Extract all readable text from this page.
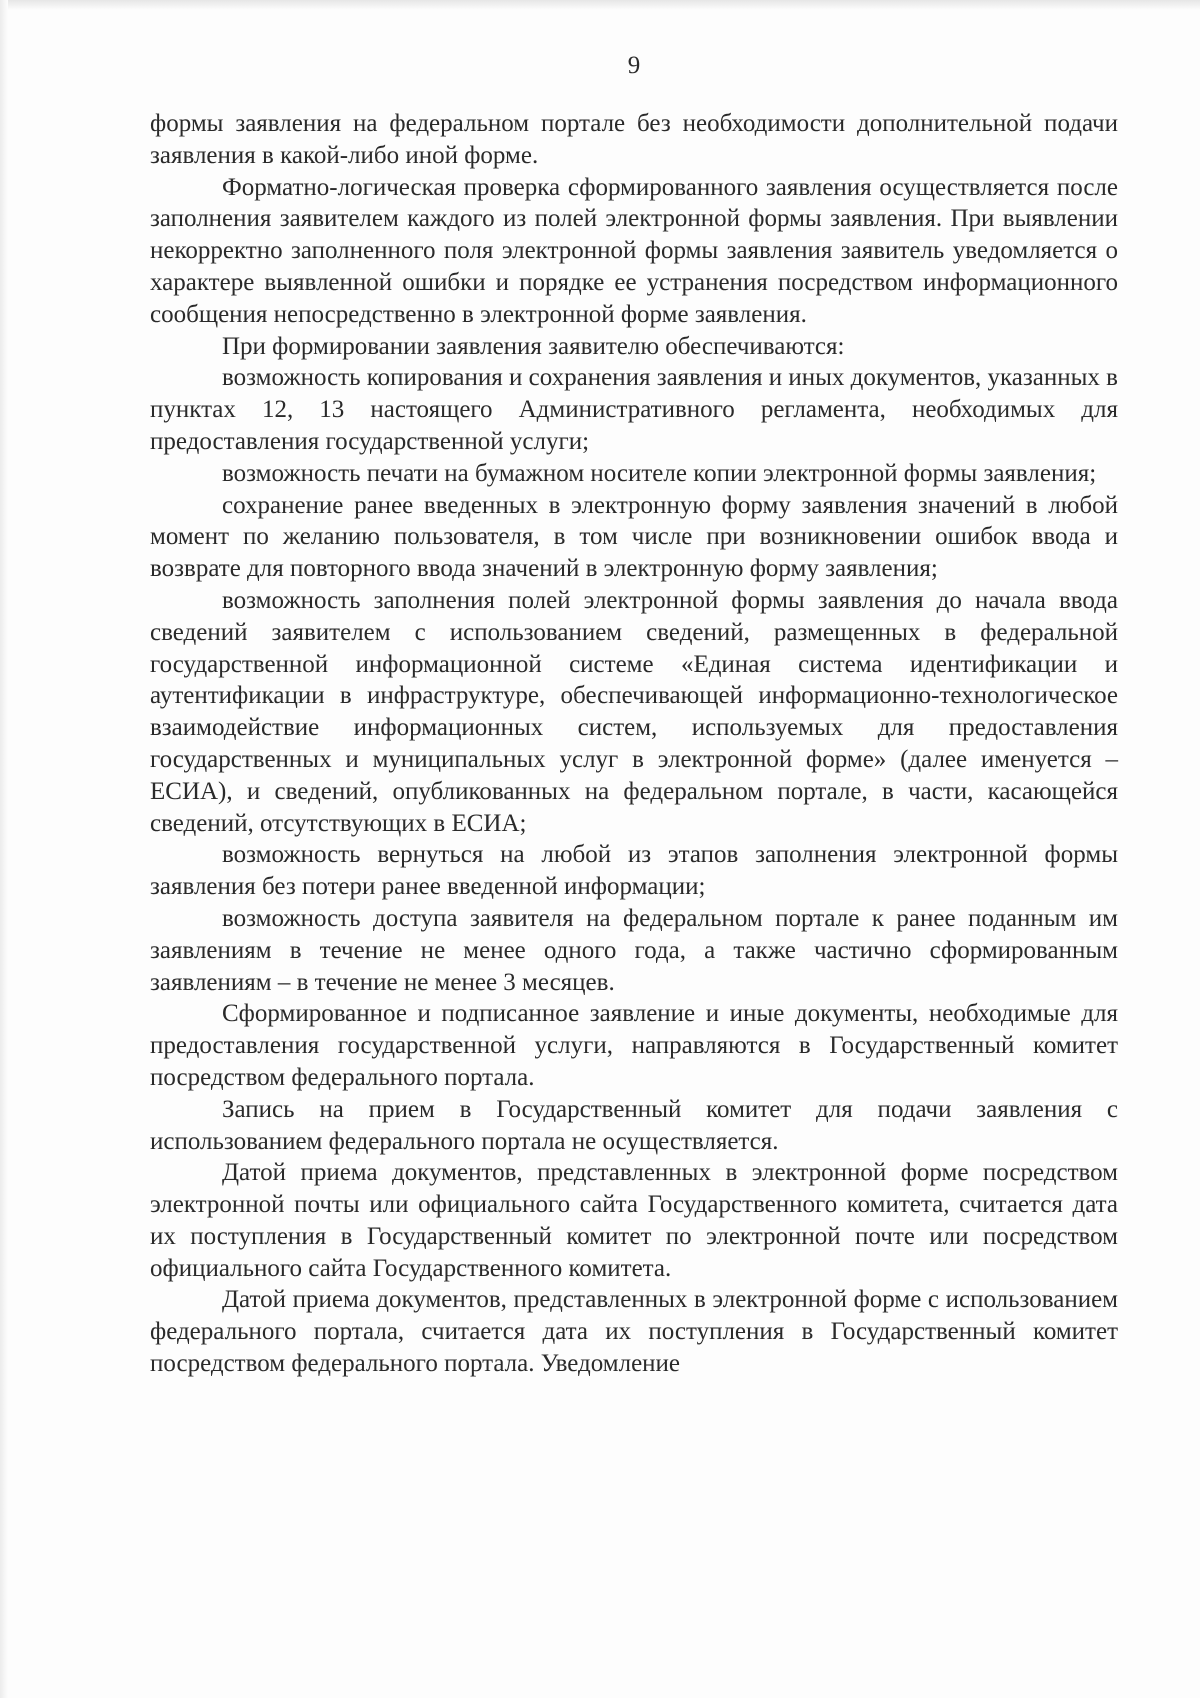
9

формы заявления на федеральном портале без необходимости дополнительной подачи заявления в какой-либо иной форме.

Форматно-логическая проверка сформированного заявления осуществляется после заполнения заявителем каждого из полей электронной формы заявления. При выявлении некорректно заполненного поля электронной формы заявления заявитель уведомляется о характере выявленной ошибки и порядке ее устранения посредством информационного сообщения непосредственно в электронной форме заявления.

При формировании заявления заявителю обеспечиваются:

возможность копирования и сохранения заявления и иных документов, указанных в пунктах 12, 13 настоящего Административного регламента, необходимых для предоставления государственной услуги;

возможность печати на бумажном носителе копии электронной формы заявления;

сохранение ранее введенных в электронную форму заявления значений в любой момент по желанию пользователя, в том числе при возникновении ошибок ввода и возврате для повторного ввода значений в электронную форму заявления;

возможность заполнения полей электронной формы заявления до начала ввода сведений заявителем с использованием сведений, размещенных в федеральной государственной информационной системе «Единая система идентификации и аутентификации в инфраструктуре, обеспечивающей информационно-технологическое взаимодействие информационных систем, используемых для предоставления государственных и муниципальных услуг в электронной форме» (далее именуется – ЕСИА), и сведений, опубликованных на федеральном портале, в части, касающейся сведений, отсутствующих в ЕСИА;

возможность вернуться на любой из этапов заполнения электронной формы заявления без потери ранее введенной информации;

возможность доступа заявителя на федеральном портале к ранее поданным им заявлениям в течение не менее одного года, а также частично сформированным заявлениям – в течение не менее 3 месяцев.

Сформированное и подписанное заявление и иные документы, необходимые для предоставления государственной услуги, направляются в Государственный комитет посредством федерального портала.

Запись на прием в Государственный комитет для подачи заявления с использованием федерального портала не осуществляется.

Датой приема документов, представленных в электронной форме посредством электронной почты или официального сайта Государственного комитета, считается дата их поступления в Государственный комитет по электронной почте или посредством официального сайта Государственного комитета.

Датой приема документов, представленных в электронной форме с использованием федерального портала, считается дата их поступления в Государственный комитет посредством федерального портала. Уведомление
